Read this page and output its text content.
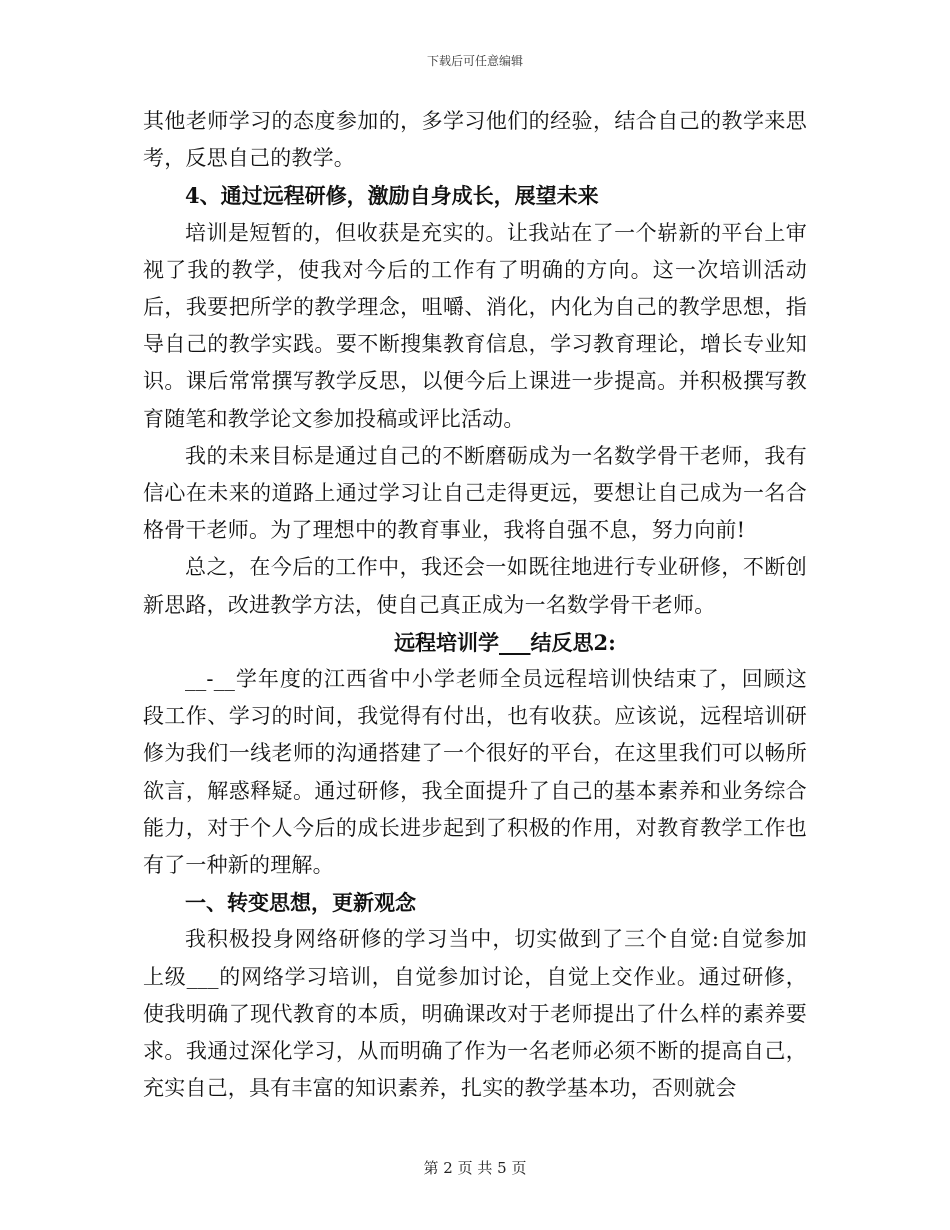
下载后可任意编辑

其他老师学习的态度参加的，多学习他们的经验，结合自己的教学来思考，反思自己的教学。

4、通过远程研修，激励自身成长，展望未来

培训是短暂的，但收获是充实的。让我站在了一个崭新的平台上审视了我的教学，使我对今后的工作有了明确的方向。这一次培训活动后，我要把所学的教学理念，咀嚼、消化，内化为自己的教学思想，指导自己的教学实践。要不断搜集教育信息，学习教育理论，增长专业知识。课后常常撰写教学反思，以便今后上课进一步提高。并积极撰写教育随笔和教学论文参加投稿或评比活动。

我的未来目标是通过自己的不断磨砺成为一名数学骨干老师，我有信心在未来的道路上通过学习让自己走得更远，要想让自己成为一名合格骨干老师。为了理想中的教育事业，我将自强不息，努力向前!

总之，在今后的工作中，我还会一如既往地进行专业研修，不断创新思路，改进教学方法，使自己真正成为一名数学骨干老师。

远程培训学___结反思2:

__-__学年度的江西省中小学老师全员远程培训快结束了，回顾这段工作、学习的时间，我觉得有付出，也有收获。应该说，远程培训研修为我们一线老师的沟通搭建了一个很好的平台，在这里我们可以畅所欲言，解惑释疑。通过研修，我全面提升了自己的基本素养和业务综合能力，对于个人今后的成长进步起到了积极的作用，对教育教学工作也有了一种新的理解。

一、转变思想，更新观念

我积极投身网络研修的学习当中，切实做到了三个自觉:自觉参加上级___的网络学习培训，自觉参加讨论，自觉上交作业。通过研修，使我明确了现代教育的本质，明确课改对于老师提出了什么样的素养要求。我通过深化学习，从而明确了作为一名老师必须不断的提高自己，充实自己，具有丰富的知识素养，扎实的教学基本功，否则就会

第 2 页 共 5 页
